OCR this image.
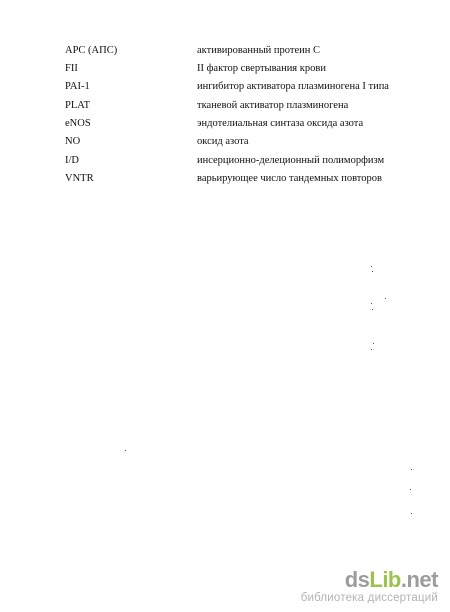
APC (АПС)	активированный протеин С
FII	II фактор свертывания крови
PAI-1	ингибитор активатора плазминогена I типа
PLAT	тканевой активатор плазминогена
eNOS	эндотелиальная синтаза оксида азота
NO	оксид азота
I/D	инсерционно-делеционный полиморфизм
VNTR	варьирующее число тандемных повторов
dsLib.net
библиотека диссертаций
